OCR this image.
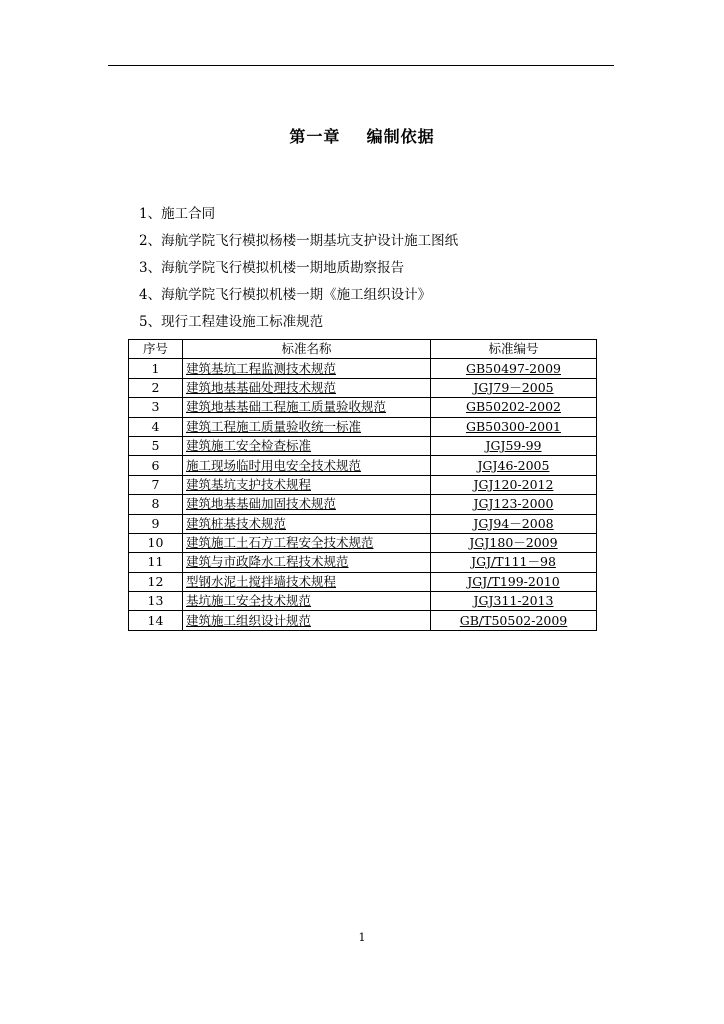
第一章    编制依据
1、施工合同
2、海航学院飞行模拟杨楼一期基坑支护设计施工图纸
3、海航学院飞行模拟机楼一期地质勘察报告
4、海航学院飞行模拟机楼一期《施工组织设计》
5、现行工程建设施工标准规范
序号	标准名称	标准编号
1	建筑基坑工程监测技术规范	GB50497-2009
2	建筑地基基础处理技术规范	JGJ79－2005
3	建筑地基基础工程施工质量验收规范	GB50202-2002
4	建筑工程施工质量验收统一标准	GB50300-2001
5	建筑施工安全检查标准	JGJ59-99
6	施工现场临时用电安全技术规范	JGJ46-2005
7	建筑基坑支护技术规程	JGJ120-2012
8	建筑地基基础加固技术规范	JGJ123-2000
9	建筑桩基技术规范	JGJ94－2008
10	建筑施工土石方工程安全技术规范	JGJ180－2009
11	建筑与市政降水工程技术规范	JGJ/T111－98
12	型钢水泥土搅拌墙技术规程	JGJ/T199-2010
13	基坑施工安全技术规范	JGJ311-2013
14	建筑施工组织设计规范	GB/T50502-2009
1
